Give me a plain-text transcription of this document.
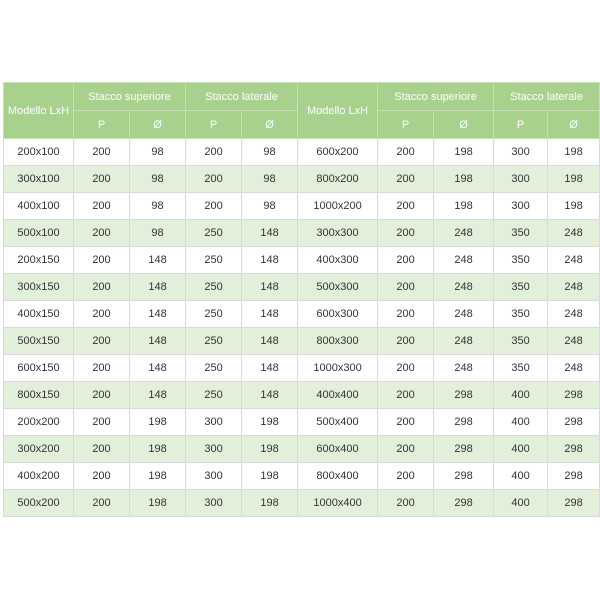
Modello LxH	Stacco superiore		Stacco laterale		Modello LxH	Stacco superiore		Stacco laterale	
	P	Ø	P	Ø		P	Ø	P	Ø
200x100	200	98	200	98	600x200	200	198	300	198
300x100	200	98	200	98	800x200	200	198	300	198
400x100	200	98	200	98	1000x200	200	198	300	198
500x100	200	98	250	148	300x300	200	248	350	248
200x150	200	148	250	148	400x300	200	248	350	248
300x150	200	148	250	148	500x300	200	248	350	248
400x150	200	148	250	148	600x300	200	248	350	248
500x150	200	148	250	148	800x300	200	248	350	248
600x150	200	148	250	148	1000x300	200	248	350	248
800x150	200	148	250	148	400x400	200	298	400	298
200x200	200	198	300	198	500x400	200	298	400	298
300x200	200	198	300	198	600x400	200	298	400	298
400x200	200	198	300	198	800x400	200	298	400	298
500x200	200	198	300	198	1000x400	200	298	400	298
